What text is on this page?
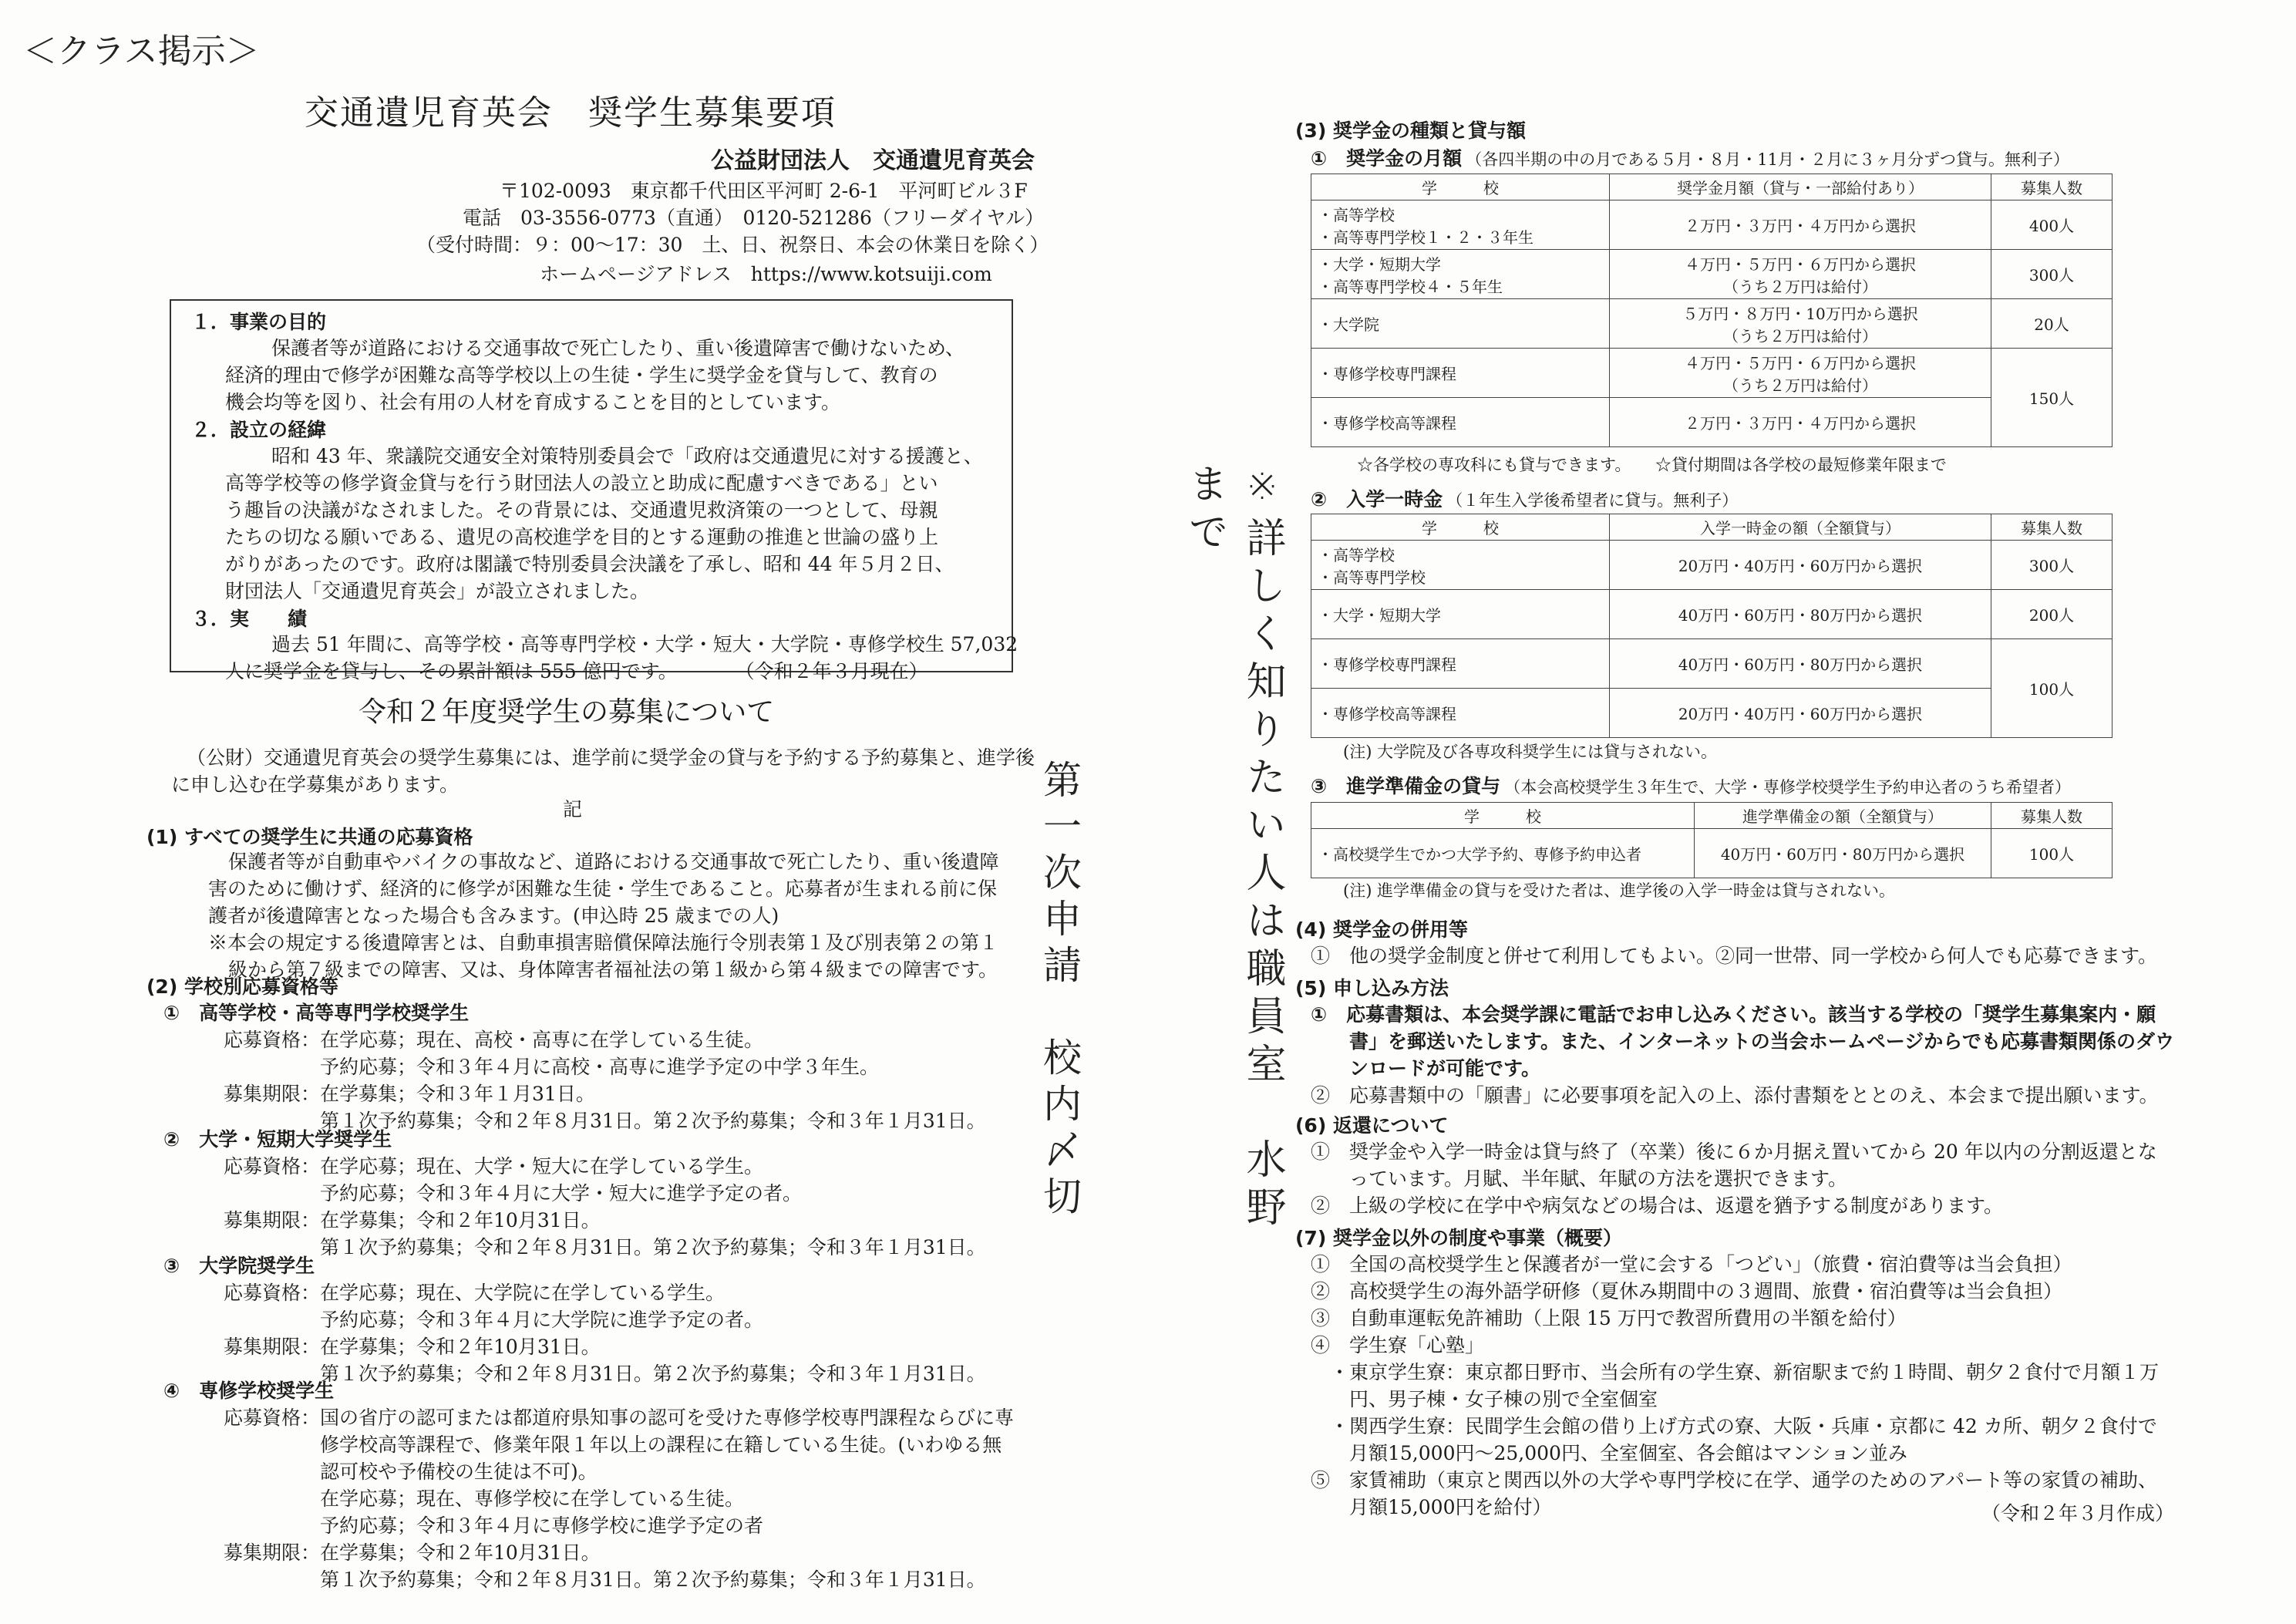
＜クラス掲示＞
第一次申請　校内〆切	※詳しく知りたい人は職員室　水野まで
交通遺児育英会　奨学生募集要項
公益財団法人　交通遺児育英会
〒102-0093　東京都千代田区平河町 2-6-1　平河町ビル３F
電話　03-3556-0773（直通）　0120-521286（フリーダイヤル）
（受付時間：９：00～17：30　土、日、祝祭日、本会の休業日を除く）
ホームページアドレス　https://www.kotsuiji.com
１．事業の目的
保護者等が道路における交通事故で死亡したり、重い後遺障害で働けないため、
経済的理由で修学が困難な高等学校以上の生徒・学生に奨学金を貸与して、教育の
機会均等を図り、社会有用の人材を育成することを目的としています。
２．設立の経緯
昭和 43 年、衆議院交通安全対策特別委員会で「政府は交通遺児に対する援護と、
高等学校等の修学資金貸与を行う財団法人の設立と助成に配慮すべきである」とい
う趣旨の決議がなされました。その背景には、交通遺児救済策の一つとして、母親
たちの切なる願いである、遺児の高校進学を目的とする運動の推進と世論の盛り上
がりがあったのです。政府は閣議で特別委員会決議を了承し、昭和 44 年５月２日、
財団法人「交通遺児育英会」が設立されました。
３．実　　績
過去 51 年間に、高等学校・高等専門学校・大学・短大・大学院・専修学校生 57,032
人に奨学金を貸与し、その累計額は 555 億円です。　　　　（令和２年３月現在）
令和２年度奨学生の募集について
（公財）交通遺児育英会の奨学生募集には、進学前に奨学金の貸与を予約する予約募集と、進学後
に申し込む在学募集があります。
記
(1) すべての奨学生に共通の応募資格
保護者等が自動車やバイクの事故など、道路における交通事故で死亡したり、重い後遺障
害のために働けず、経済的に修学が困難な生徒・学生であること。応募者が生まれる前に保
護者が後遺障害となった場合も含みます。(申込時 25 歳までの人)
※本会の規定する後遺障害とは、自動車損害賠償保障法施行令別表第１及び別表第２の第１
級から第７級までの障害、又は、身体障害者福祉法の第１級から第４級までの障害です。
(2) 学校別応募資格等
①　高等学校・高等専門学校奨学生
応募資格：在学応募；現在、高校・高専に在学している生徒。
　　　　　予約応募；令和３年４月に高校・高専に進学予定の中学３年生。
募集期限：在学募集；令和３年１月31日。
　　　　　第１次予約募集；令和２年８月31日。第２次予約募集；令和３年１月31日。
②　大学・短期大学奨学生
応募資格：在学応募；現在、大学・短大に在学している学生。
　　　　　予約応募；令和３年４月に大学・短大に進学予定の者。
募集期限：在学募集；令和２年10月31日。
　　　　　第１次予約募集；令和２年８月31日。第２次予約募集；令和３年１月31日。
③　大学院奨学生
応募資格：在学応募；現在、大学院に在学している学生。
　　　　　予約応募；令和３年４月に大学院に進学予定の者。
募集期限：在学募集；令和２年10月31日。
　　　　　第１次予約募集；令和２年８月31日。第２次予約募集；令和３年１月31日。
④　専修学校奨学生
応募資格：国の省庁の認可または都道府県知事の認可を受けた専修学校専門課程ならびに専
　　　　　修学校高等課程で、修業年限１年以上の課程に在籍している生徒。(いわゆる無
　　　　　認可校や予備校の生徒は不可)。
　　　　　在学応募；現在、専修学校に在学している生徒。
　　　　　予約応募；令和３年４月に専修学校に進学予定の者
募集期限：在学募集；令和２年10月31日。
　　　　　第１次予約募集；令和２年８月31日。第２次予約募集；令和３年１月31日。
(3) 奨学金の種類と貸与額
①　奨学金の月額 （各四半期の中の月である５月・８月・11月・２月に３ヶ月分ずつ貸与。無利子）
学　　　校	奨学金月額（貸与・一部給付あり）	募集人数

・高等学校
・高等専門学校１・２・３年生	２万円・３万円・４万円から選択	400人

・大学・短期大学
・高等専門学校４・５年生	４万円・５万円・６万円から選択
（うち２万円は給付）	300人

・大学院	５万円・８万円・10万円から選択
（うち２万円は給付）	20人

・専修学校専門課程	４万円・５万円・６万円から選択
（うち２万円は給付）	150人

・専修学校高等課程	２万円・３万円・４万円から選択	
☆各学校の専攻科にも貸与できます。　　☆貸付期間は各学校の最短修業年限まで
②　入学一時金 （１年生入学後希望者に貸与。無利子）
学　　　校	入学一時金の額（全額貸与）	募集人数

・高等学校
・高等専門学校	20万円・40万円・60万円から選択	300人

・大学・短期大学	40万円・60万円・80万円から選択	200人

・専修学校専門課程	40万円・60万円・80万円から選択	100人

・専修学校高等課程	20万円・40万円・60万円から選択	
(注) 大学院及び各専攻科奨学生には貸与されない。
③　進学準備金の貸与 （本会高校奨学生３年生で、大学・専修学校奨学生予約申込者のうち希望者）
学　　　校	進学準備金の額（全額貸与）	募集人数
・高校奨学生でかつ大学予約、専修予約申込者	40万円・60万円・80万円から選択	100人
(注) 進学準備金の貸与を受けた者は、進学後の入学一時金は貸与されない。
(4) 奨学金の併用等
①　他の奨学金制度と併せて利用してもよい。②同一世帯、同一学校から何人でも応募できます。
(5) 申し込み方法
①　応募書類は、本会奨学課に電話でお申し込みください。該当する学校の「奨学生募集案内・願
　　書」を郵送いたします。また、インターネットの当会ホームページからでも応募書類関係のダウ
　　ンロードが可能です。
②　応募書類中の「願書」に必要事項を記入の上、添付書類をととのえ、本会まで提出願います。
(6) 返還について
①　奨学金や入学一時金は貸与終了（卒業）後に６か月据え置いてから 20 年以内の分割返還とな
　　っています。月賦、半年賦、年賦の方法を選択できます。
②　上級の学校に在学中や病気などの場合は、返還を猶予する制度があります。
(7) 奨学金以外の制度や事業（概要）
①　全国の高校奨学生と保護者が一堂に会する「つどい」（旅費・宿泊費等は当会負担）
②　高校奨学生の海外語学研修（夏休み期間中の３週間、旅費・宿泊費等は当会負担）
③　自動車運転免許補助（上限 15 万円で教習所費用の半額を給付）
④　学生寮「心塾」
　・東京学生寮：東京都日野市、当会所有の学生寮、新宿駅まで約１時間、朝夕２食付で月額１万
　　円、男子棟・女子棟の別で全室個室
　・関西学生寮：民間学生会館の借り上げ方式の寮、大阪・兵庫・京都に 42 カ所、朝夕２食付で
　　月額15,000円～25,000円、全室個室、各会館はマンション並み
⑤　家賃補助（東京と関西以外の大学や専門学校に在学、通学のためのアパート等の家賃の補助、
　　月額15,000円を給付）	（令和２年３月作成）
